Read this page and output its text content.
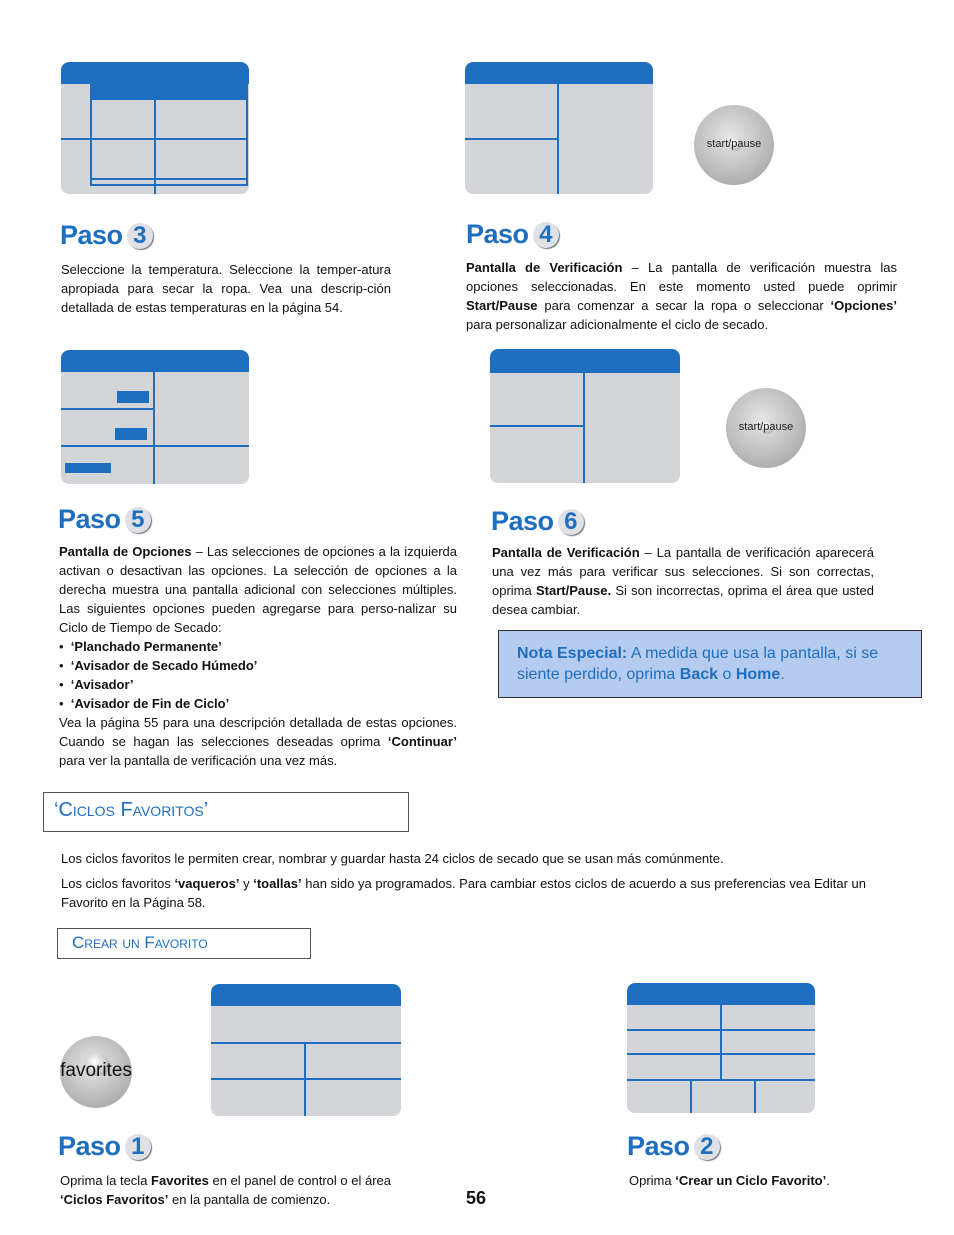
start/pause
Paso 3

Seleccione la temperatura. Seleccione la temper-atura apropiada para secar la ropa. Vea una descrip-ción detallada de estas temperaturas en la página 54.

Paso 4

Pantalla de Verificación – La pantalla de verificación muestra las opciones seleccionadas. En este momento usted puede oprimir Start/Pause para comenzar a secar la ropa o seleccionar ‘Opciones’ para personalizar adicionalmente el ciclo de secado.

start/pause
Paso 5

Pantalla de Opciones – Las selecciones de opciones a la izquierda activan o desactivan las opciones. La selección de opciones a la derecha muestra una pantalla adicional con selecciones múltiples. Las siguientes opciones pueden agregarse para perso-nalizar su Ciclo de Tiempo de Secado:

•  ‘Planchado Permanente’

•  ‘Avisador de Secado Húmedo’

•  ‘Avisador’

•  ‘Avisador de Fin de Ciclo’

Vea la página 55 para una descripción detallada de estas opciones. Cuando se hagan las selecciones deseadas oprima ‘Continuar’ para ver la pantalla de verificación una vez más.

Paso 6

Pantalla de Verificación – La pantalla de verificación aparecerá una vez más para verificar sus selecciones. Si son correctas, oprima Start/Pause. Si son incorrectas, oprima el área que usted desea cambiar.

Nota Especial: A medida que usa la pantalla, si se siente perdido, oprima Back o Home.
‘Ciclos Favoritos’

Los ciclos favoritos le permiten crear, nombrar y guardar hasta 24 ciclos de secado que se usan más comúnmente.

Los ciclos favoritos ‘vaqueros’ y ‘toallas’ han sido ya programados. Para cambiar estos ciclos de acuerdo a sus preferencias vea Editar un Favorito en la Página 58.

Crear un Favorito
favorites
Paso 1

Oprima la tecla Favorites en el panel de control o el área ‘Ciclos Favoritos’ en la pantalla de comienzo.

Paso 2

Oprima ‘Crear un Ciclo Favorito’.

56
